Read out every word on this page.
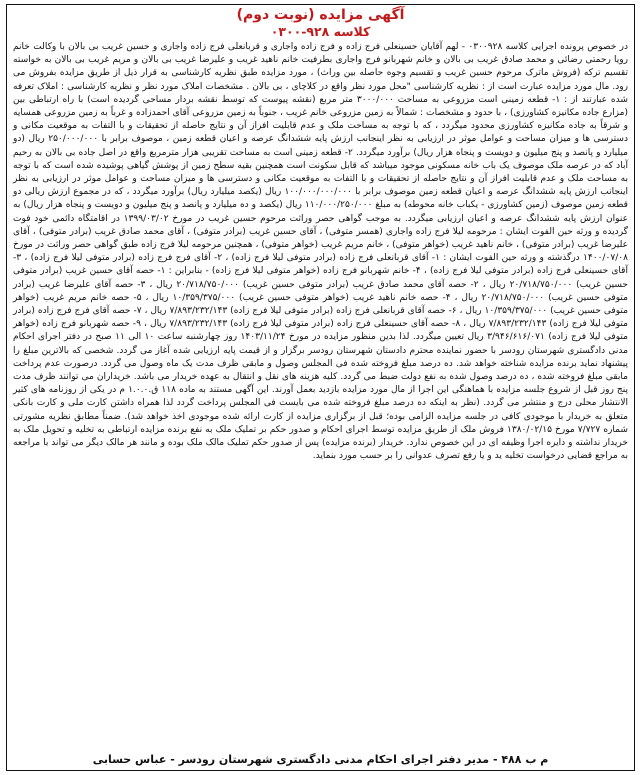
آگهی مزایده (نوبت دوم)
کلاسه ۹۲۸-۰۳۰۰
در خصوص پرونده اجرایی کلاسه ۰۳۰۰۹۲۸ - لهم آقایان حسینعلی فرج زاده و فرج زاده واجاری و قربانعلی فرج زاده واجاری و حسین غریب بی بالان با وکالت خانم رویا رحمتی رضائی و محمد صادق غریب بی بالان و خانم شهربانو فرج واجاری بطرفیت خانم ناهید غریب و علیرضا غریب بی بالان و مریم غریب بی بالان به خواسته تقسیم ترکه (فروش ماترک مرحوم حسین غریب و تقسیم وجوه حاصله بین وراث) ، مورد مزایده طبق نظریه کارشناسی به قرار ذیل از طریق مزایده بفروش می رود. مال مورد مزایده عبارت است از : نظریه کارشناسی "محل مورد نظر واقع در کلاچای ، بی بالان . مشخصات املاک مورد نظر و نظریه کارشناسی : املاک تعرفه شده عبارتند از : ۱- قطعه زمینی است مزروعی به مساحت ۳۰۰۰/۰۰۰ متر مربع (نقشه پیوست که توسط نقشه بردار مساحی گردیده است) با راه ارتباطی بین (مزارع جاده مکانیزه کشاورزی) ، با حدود و مشخصات : شمالاً به زمین مزروعی خانم غریب ، جنوباً به زمین مزروعی آقای احمدزاده و غرباً به زمین مزروعی همسایه و شرقاً به جاده مکانیزه کشاورزی محدود میگردد ، که با توجه به مساحت ملک و عدم قابلیت افراز آن و نتایج حاصله از تحقیقات و با التفات به موقعیت مکانی و دسترسی ها و میزان مساحت و عوامل موثر در ارزیابی به نظر اینجانب ارزش پایه ششدانگ عرصه و اعیان قطعه زمین ، موصوف برابر با ۲۵۰/۰۰۰/۰۰۰ ریال (دو میلیارد و پانصد و پنج میلیون و دویست و پنجاه هزار ریال) برآورد میگردد. ۲- قطعه زمینی است به مساحت تقریبی هزار مترمربع واقع در اصل جاده بی بالان به رحیم آباد که در عرصه ملک موصوف یک باب خانه مسکونی موجود میباشد که قابل سکونت است همچنین بقیه سطح زمین از پوشش گیاهی پوشیده شده است که با توجه به مساحت ملک و عدم قابلیت افراز آن و نتایج حاصله از تحقیقات و با التفات به موقعیت مکانی و دسترسی ها و میزان مساحت و عوامل موثر در ارزیابی به نظر اینجانب ارزش پایه ششدانگ عرصه و اعیان قطعه زمین موصوف برابر با ۱۰۰/۰۰۰/۰۰۰/۰۰۰ ریال (یکصد میلیارد ریال) برآورد میگردد ، که در مجموع ارزش ریالی دو قطعه زمین موصوف (زمین کشاورزی - یکباب خانه محوطه) به مبلغ ۱۱۰/۰۰۰/۲۵۰/۰۰۰ ریال (یکصد و ده میلیارد و پانصد و پنج میلیون و دویست و پنجاه هزار ریال) به عنوان ارزش پایه ششدانگ عرصه و اعیان ارزیابی میگردد. به موجب گواهی حصر وراثت مرحوم حسین غریب در مورخ ۱۳۹۹/۰۳/۰۲ در اقامتگاه دائمی خود فوت گردیده و ورثه حین الفوت ایشان : مرحومه لیلا فرج زاده واجاری (همسر متوفی) ، آقای حسین غریب (برادر متوفی) ، آقای محمد صادق غریب (برادر متوفی) ، آقای علیرضا غریب (برادر متوفی) ، خانم ناهید غریب (خواهر متوفی) ، خانم مریم غریب (خواهر متوفی) ، همچنین مرحومه لیلا فرج زاده طبق گواهی حصر وراثت در مورخ ۱۴۰۰/۰۷/۰۸ درگذشته و ورثه حین الفوت ایشان : ۱- آقای قربانعلی فرج زاده (برادر متوفی لیلا فرج زاده) ، ۲- آقای فرج فرج زاده (برادر متوفی لیلا فرج زاده) ، ۳- آقای حسینعلی فرج زاده (برادر متوفی لیلا فرج زاده) ، ۴- خانم شهربانو فرج زاده (خواهر متوفی لیلا فرج زاده) - بنابراین : ۱- حصه آقای حسین غریب (برادر متوفی حسین غریب) ۲۰/۷۱۸/۷۵۰/۰۰۰ ریال ، ۲- حصه آقای محمد صادق غریب (برادر متوفی حسین غریب) ۲۰/۷۱۸/۷۵۰/۰۰۰ ریال ، ۳- حصه آقای علیرضا غریب (برادر متوفی حسین غریب) ۲۰/۷۱۸/۷۵۰/۰۰۰ ریال ، ۴- حصه خانم ناهید غریب (خواهر متوفی حسین غریب) ۱۰/۳۵۹/۳۷۵/۰۰۰ ریال ، ۵- حصه خانم مریم غریب (خواهر متوفی حسین غریب) ۱۰/۳۵۹/۳۷۵/۰۰۰ ریال ، ۶- حصه آقای قربانعلی فرج زاده (برادر متوفی لیلا فرج زاده) ۷/۸۹۳/۲۳۲/۱۴۳ ریال ، ۷- حصه آقای فرج فرج زاده (برادر متوفی لیلا فرج زاده) ۷/۸۹۳/۲۳۲/۱۴۳ ریال ، ۸- حصه آقای حسینعلی فرج زاده (برادر متوفی لیلا فرج زاده) ۷/۸۹۳/۲۳۲/۱۴۳ ریال ، ۹- حصه شهربانو فرج زاده (خواهر متوفی لیلا فرج زاده) ۳/۹۴۶/۶۱۶/۰۷۱ ریال تعیین میگردد. لذا بدین منظور مزایده در مورخ ۱۴۰۳/۱۱/۲۴ روز چهارشنبه ساعت ۱۰ الی ۱۱ صبح در دفتر اجرای احکام مدنی دادگستری شهرستان رودسر با حضور نماینده محترم دادستان شهرستان رودسر برگزار و از قیمت پایه ارزیابی شده آغاز می گردد. شخصی که بالاترین مبلغ را پیشنهاد نماید برنده مزایده شناخته خواهد شد. ده درصد مبلغ فروخته شده فی المجلس وصول و مابقی ظرف مدت یک ماه وصول می گردد. درصورت عدم پرداخت مابقی مبلغ فروخته شده ، ده درصد وصول شده به نفع دولت ضبط می گردد. کلیه هزینه های نقل و انتقال به عهده خریدار می باشد. خریداران می توانند ظرف مدت پنج روز قبل از شروع جلسه مزایده با هماهنگی این اجرا از مال مورد مزایده بازدید بعمل آورند. این آگهی مستند به ماده ۱۱۸ ق.۱.۰.۰ م در یکی از روزنامه های کثیر الانتشار محلی درج و منتشر می گردد. (نظر به اینکه ده درصد مبلغ فروخته شده می بایست فی المجلس پرداخت گردد لذا همراه داشتن کارت ملی و کارت بانکی متعلق به خریدار با موجودی کافی در جلسه مزایده الزامی بوده؛ قبل از برگزاری مزایده از کارت ارائه شده موجودی اخذ خواهد شد). ضمناً مطابق نظریه مشورتی شماره ۷/۷۲۷ مورخ ۱۳۸۰/۰۲/۱۵ فروش ملک از طریق مزایده توسط اجرای احکام و صدور حکم بر تملیک ملک به نفع برنده مزایده ارتباطی به تخلیه و تحویل ملک به خریدار نداشته و دایره اجرا وظیفه ای در این خصوص ندارد. خریدار (برنده مزایده) پس از صدور حکم تملیک مالک ملک بوده و مانند هر مالک دیگر می تواند با مراجعه به مراجع قضایی درخواست تخلیه ید و یا رفع تصرف عدوانی را بر حسب مورد بنماید.
م ب ۴۸۸ - مدیر دفتر اجرای احکام مدنی دادگستری شهرستان رودسر - عباس حسابی
